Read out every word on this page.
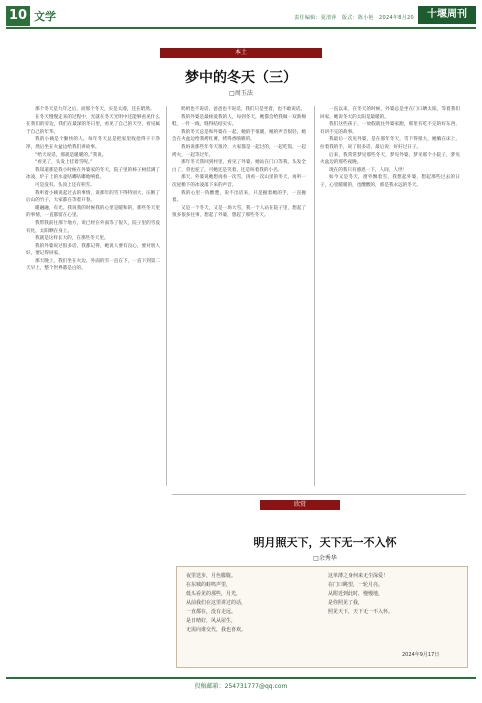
10 文学	责任编辑：夏清萍　版式：陈小艳　2024年8月20	十堰周刊
本土
梦中的冬天（三）
□周玉法

那个冬天是九年之后，而那个冬天，实是太漫，还在昭然。

在冬天慢慢走来的过程中，光就在冬天光明中还能够看见什么在我们的旁边，我们在最深的冬日里，看见了自己的天空，看见属于自己的年华。

我的小姨是个勤快的人，每年冬天总是把家里收拾得干干净净，然后坐在火盆边给我们讲故事。

“给天说话，那就是暖暖的。”我说。

“看见了，头发上挂着雪呢。”

我知道那是我小时候在外婆家的冬天，院子里的柿子树挂满了冰凌，炉子上的水壶咕嘟咕嘟地响着。

可是没有。头顶上还有积雪。

我听着小姨说起过去的事情，说那年的雪下得特别大，压断了后山的竹子，大家都在等着开春。

暖融融，有光。我说我的时候我的心里是暖和的，那些冬天里的事情，一直都留在心里。

我带我前往那个地方，说已经在外面等了很久，院子里的雪没有化，太阳晒在身上。

我就是这样长大的，在那些冬天里。

我的外婆说过很多话，我都记得，她说人要有良心，要对别人好，要记得回家。

那天晚上，我们坐在火边，外面的雪一直在下，一直下到第二天早上，整个世界都是白的。

奶奶也不说话，爸爸也不说话，我们只是坐着，也不敢说话。

我的外婆是最疼爱我的人，每到冬天，她都会给我做一双新棉鞋，一针一线，缝得结结实实。

我的冬天总是和外婆在一起，她的手很暖，她的声音很轻，她会在火盆边给我烤红薯，烤得香喷喷的。

我妈说那些年冬天很冷，大家都是一起过的，一起吃饭，一起烤火，一起等过年。

那年冬天我回到村里，看见了外婆，她站在门口等我，头发全白了，背也驼了，可她还是笑着，还是叫着我的小名。

那天，外婆说她想再看一次雪，再看一次山里的冬天，再听一次屋檐下的冰凌落下来的声音。

我的心里一阵酸楚，说不出话来，只是握着她的手，一直握着。

又是一个冬天，又是一场大雪，我一个人站在院子里，想起了很多很多往事，想起了外婆，想起了那些冬天。

一直以来，在冬天的时候，外婆总是坐在门口晒太阳，等着我们回家，她说冬天的太阳是最暖的。

我们这些孩子，一放假就往外婆家跑，那里有吃不完的好东西，有讲不完的故事。

我最后一次见外婆，是在那年冬天，雪下得很大，她躺在床上，拉着我的手，说了很多话，最后说：好好过日子。

后来，我常常梦见那些冬天，梦见外婆，梦见那个小院子，梦见火盆边的那些夜晚。

现在的我只有感恩一下，人间，人世！

如今又是冬天，窗外飘着雪，我想起外婆，想起那些过去的日子，心里暖暖的，也酸酸的，那是我永远的冬天。

欣赏
明月照天下，天下无一不入怀
□余秀华
夜里送步，月色朦胧。
在东城的蛙鸣声里，
低头看见的那些，月光，
从前我们在这里讲过的话，
一直都在，没有走远。
是日晴好，风从屋生，
无需向谁交代，我也喜欢。
这单薄之身何来无尘深爱！
在门口眺望，一轮月亮。
从附近到此时，慢慢地，
是你照见了我，
照见天下，天下无一不入怀。
2024年9月17日
投稿邮箱：254731777@qq.com
